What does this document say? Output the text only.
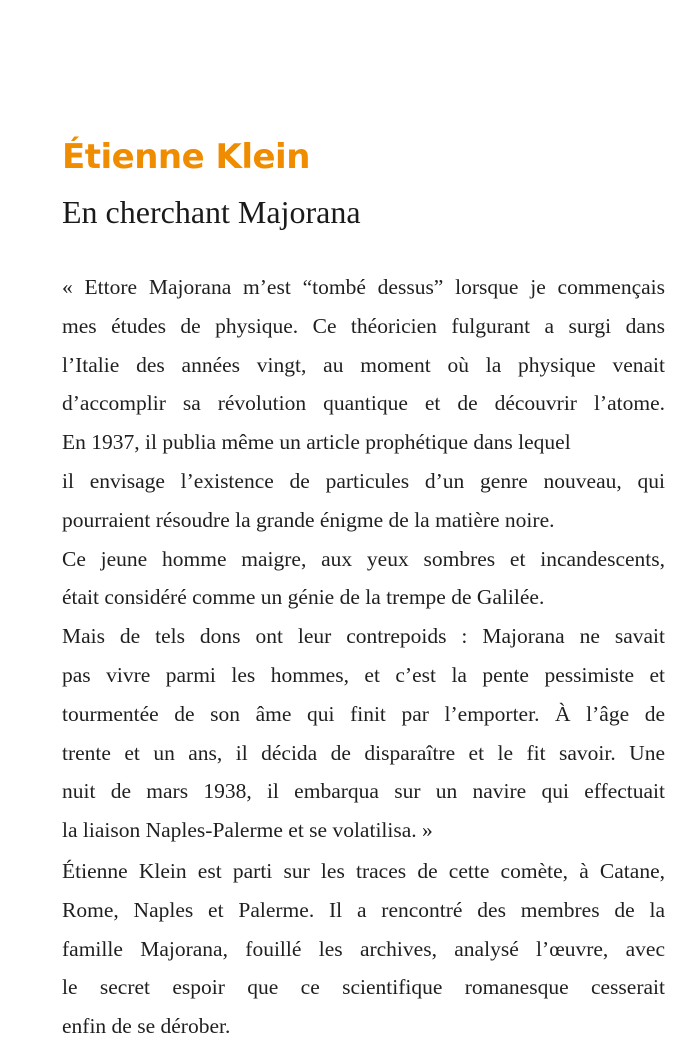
Étienne Klein
En cherchant Majorana
« Ettore Majorana m’est “tombé dessus” lorsque je commençais
mes études de physique. Ce théoricien fulgurant a surgi dans
l’Italie des années vingt, au moment où la physique venait
d’accomplir sa révolution quantique et de découvrir l’atome.
En 1937, il publia même un article prophétique dans lequel
il envisage l’existence de particules d’un genre nouveau, qui
pourraient résoudre la grande énigme de la matière noire.
Ce jeune homme maigre, aux yeux sombres et incandescents,
était considéré comme un génie de la trempe de Galilée.
Mais de tels dons ont leur contrepoids : Majorana ne savait
pas vivre parmi les hommes, et c’est la pente pessimiste et
tourmentée de son âme qui finit par l’emporter. À l’âge de
trente et un ans, il décida de disparaître et le fit savoir. Une
nuit de mars 1938, il embarqua sur un navire qui effectuait
la liaison Naples-Palerme et se volatilisa. »
Étienne Klein est parti sur les traces de cette comète, à Catane,
Rome, Naples et Palerme. Il a rencontré des membres de la
famille Majorana, fouillé les archives, analysé l’œuvre, avec
le secret espoir que ce scientifique romanesque cesserait
enfin de se dérober.
